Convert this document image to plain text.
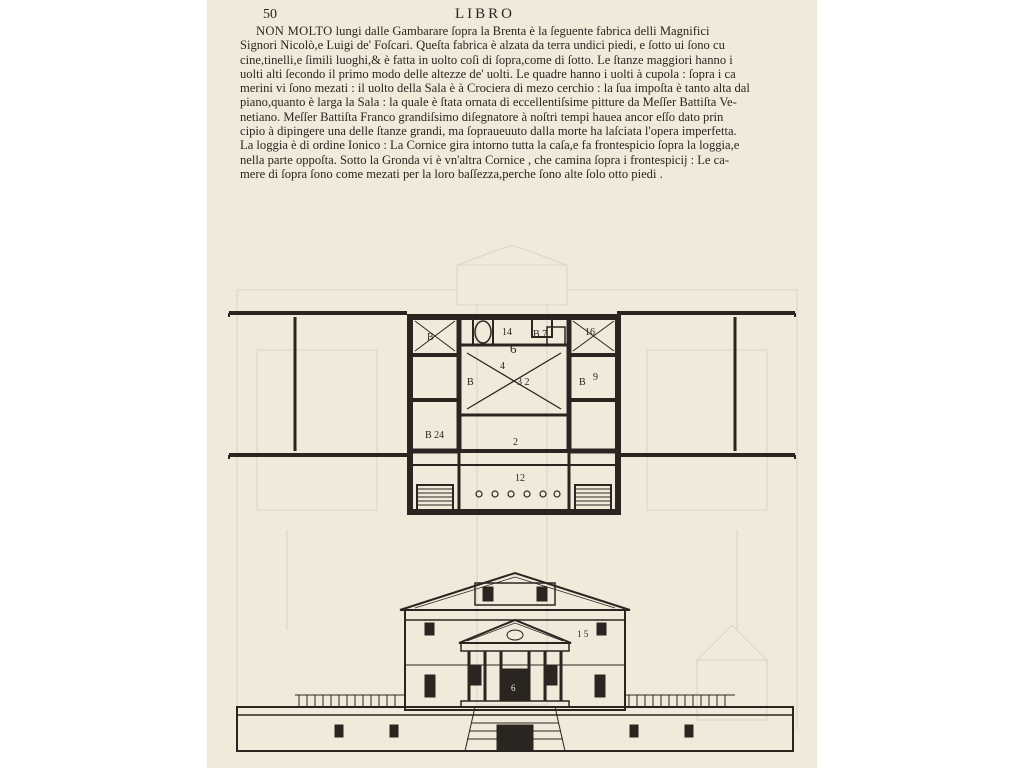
50	LIBRO
NON MOLTO lungi dalle Gambarare ſopra la Brenta è la ſeguente fabrica delli Magnifici
Signori Nicolò,e Luigi de' Foſcari. Queſta fabrica è alzata da terra undici piedi, e ſotto ui ſono cu
cine,tinelli,e ſimili luoghi,& è fatta in uolto coſi di ſopra,come di ſotto. Le ſtanze maggiori hanno i
uolti alti ſecondo il primo modo delle altezze de' uolti. Le quadre hanno i uolti à cupola : ſopra i ca
merini vi ſono mezati : il uolto della Sala è à Crociera di mezo cerchio : la ſua impoſta è tanto alta dal
piano,quanto è larga la Sala : la quale è ſtata ornata di eccellentiſsime pitture da Meſſer Battiſta Ve-
netiano. Meſſer Battiſta Franco grandiſsimo diſegnatore à noſtri tempi hauea ancor eſſo dato prin
cipio à dipingere una delle ſtanze grandi, ma ſopraueuuto dalla morte ha laſciata l'opera imperfetta.
La loggia è di ordine Ionico : La Cornice gira intorno tutta la caſa,e fa frontespicio ſopra la loggia,e
nella parte oppoſta. Sotto la Gronda vi è vn'altra Cornice , che camina ſopra i frontespicij : Le ca-
mere di ſopra ſono come mezati per la loro baſſezza,perche ſono alte ſolo otto piedi .
B	14
6
4
3 2
B 7	16
9
B
B 24
2
B
12
6
1 5
